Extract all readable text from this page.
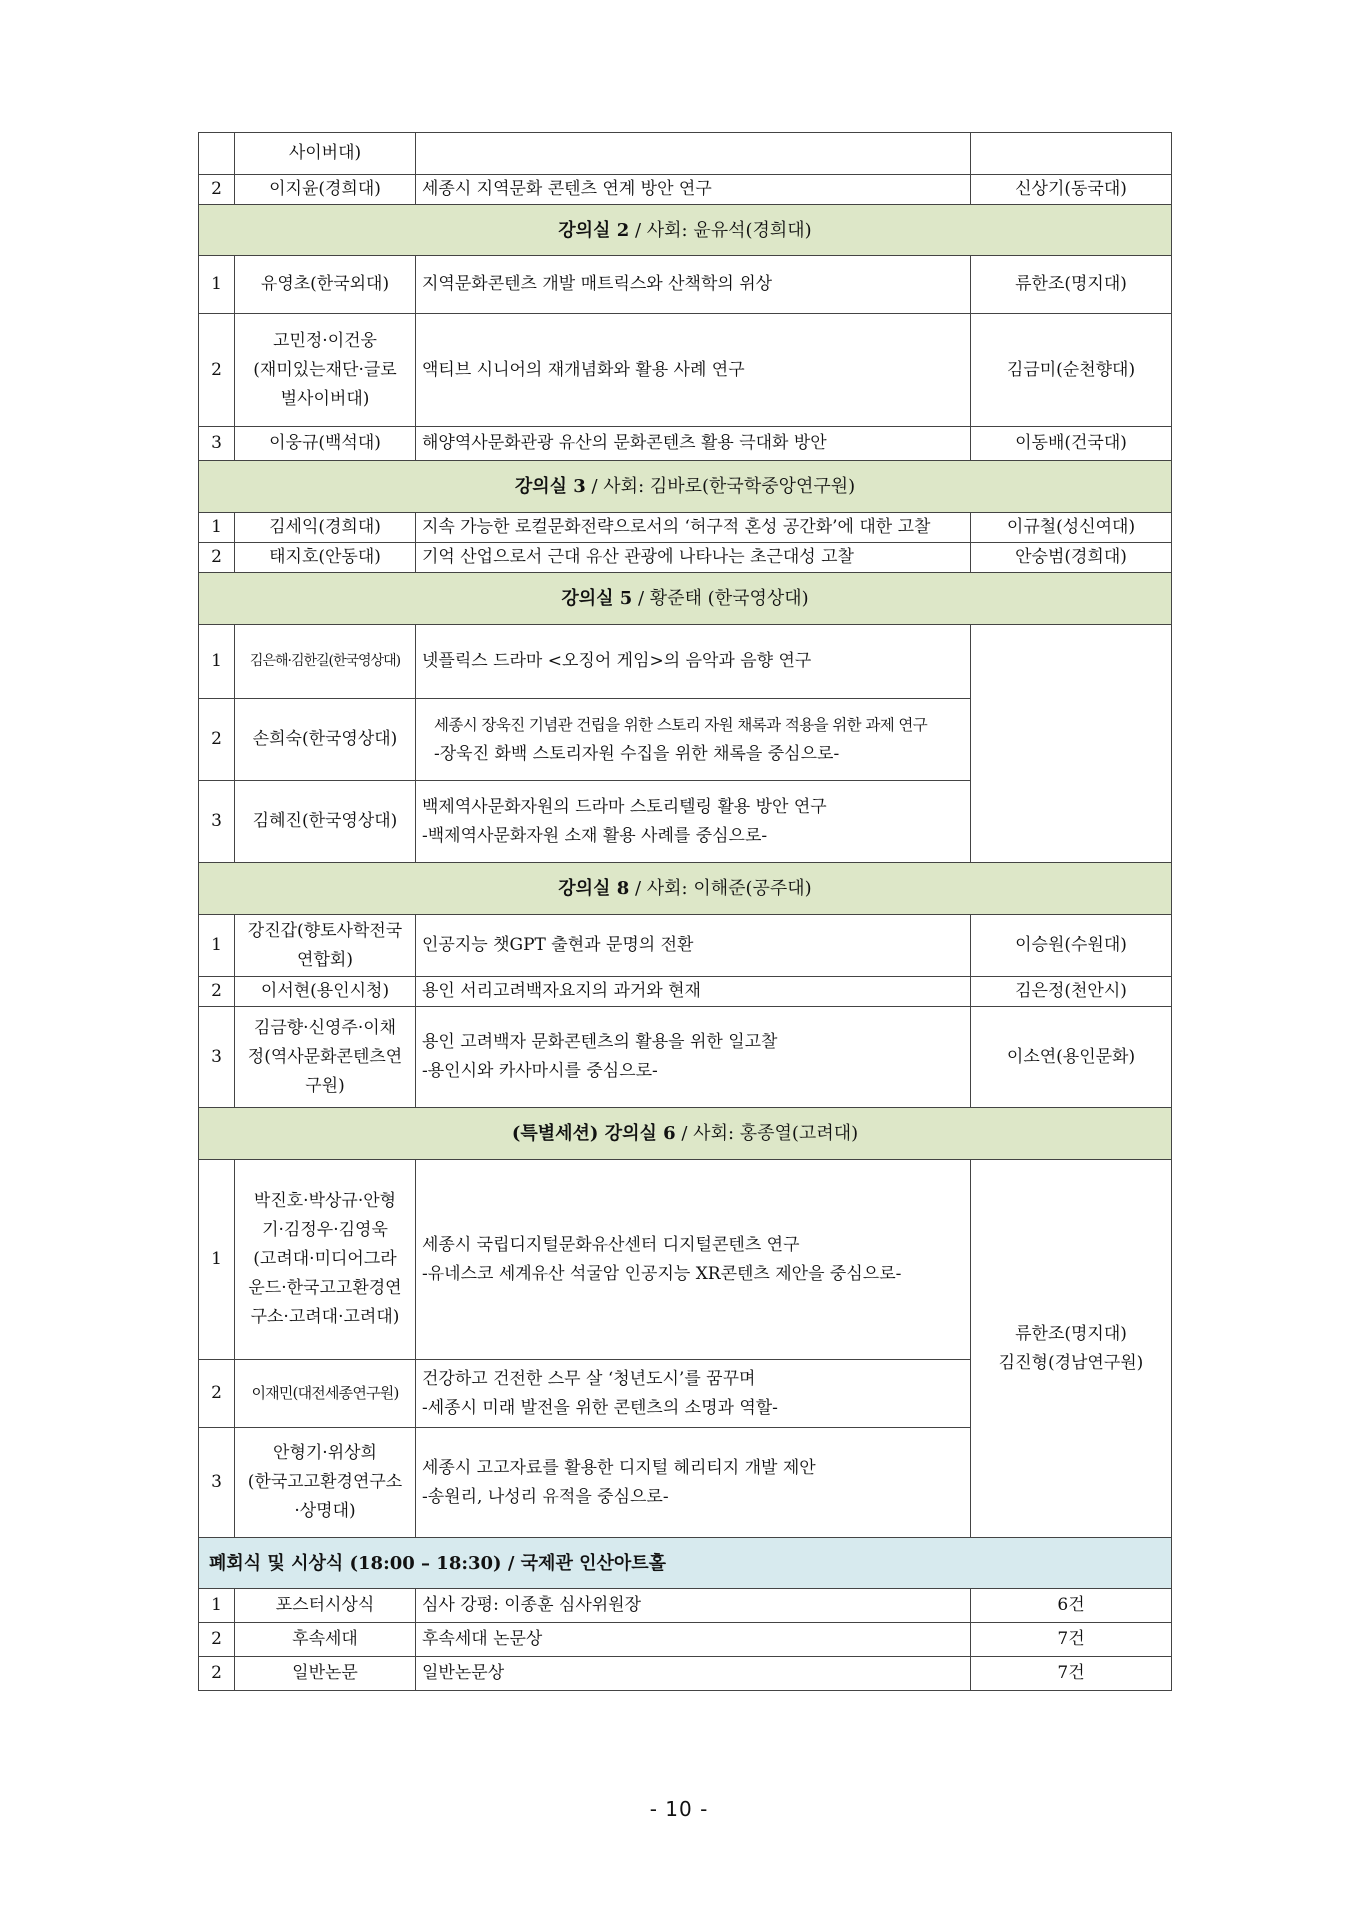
	사이버대)		
2	이지윤(경희대)	세종시 지역문화 콘텐츠 연계 방안 연구	신상기(동국대)
강의실 2 / 사회: 윤유석(경희대)			
1	유영초(한국외대)	지역문화콘텐츠 개발 매트릭스와 산책학의 위상	류한조(명지대)
2	고민정·이건웅
(재미있는재단·글로
벌사이버대)	액티브 시니어의 재개념화와 활용 사례 연구	김금미(순천향대)
3	이웅규(백석대)	해양역사문화관광 유산의 문화콘텐츠 활용 극대화 방안	이동배(건국대)
강의실 3 / 사회: 김바로(한국학중앙연구원)			
1	김세익(경희대)	지속 가능한 로컬문화전략으로서의 ‘허구적 혼성 공간화’에 대한 고찰	이규철(성신여대)
2	태지호(안동대)	기억 산업으로서 근대 유산 관광에 나타나는 초근대성 고찰	안숭범(경희대)
강의실 5 / 황준태 (한국영상대)			
1	김은해·김한길(한국영상대)	넷플릭스 드라마 <오징어 게임>의 음악과 음향 연구	

2	손희숙(한국영상대)	세종시 장욱진 기념관 건립을 위한 스토리 자원 채록과 적용을 위한 과제 연구
-장욱진 화백 스토리자원 수집을 위한 채록을 중심으로-	

3	김혜진(한국영상대)	백제역사문화자원의 드라마 스토리텔링 활용 방안 연구
-백제역사문화자원 소재 활용 사례를 중심으로-	

강의실 8 / 사회: 이해준(공주대)			
1	강진갑(향토사학전국
연합회)	인공지능 챗GPT 출현과 문명의 전환	이승원(수원대)
2	이서현(용인시청)	용인 서리고려백자요지의 과거와 현재	김은정(천안시)
3	김금향·신영주·이채
정(역사문화콘텐츠연
구원)	용인 고려백자 문화콘텐츠의 활용을 위한 일고찰
-용인시와 카사마시를 중심으로-	이소연(용인문화)
(특별세션) 강의실 6 / 사회: 홍종열(고려대)			
1	박진호·박상규·안형
기·김정우·김영욱
(고려대·미디어그라
운드·한국고고환경연
구소·고려대·고려대)	세종시 국립디지털문화유산센터 디지털콘텐츠 연구
-유네스코 세계유산 석굴암 인공지능 XR콘텐츠 제안을 중심으로-	류한조(명지대)
김진형(경남연구원)

2	이재민(대전세종연구원)	건강하고 건전한 스무 살 ‘청년도시’를 꿈꾸며
-세종시 미래 발전을 위한 콘텐츠의 소명과 역할-	

3	안형기·위상희
(한국고고환경연구소
·상명대)	세종시 고고자료를 활용한 디지털 헤리티지 개발 제안
-송원리, 나성리 유적을 중심으로-	

폐회식 및 시상식 (18:00 – 18:30) / 국제관 인산아트홀			
1	포스터시상식	심사 강평: 이종훈 심사위원장	6건
2	후속세대	후속세대 논문상	7건
2	일반논문	일반논문상	7건
- 10 -
